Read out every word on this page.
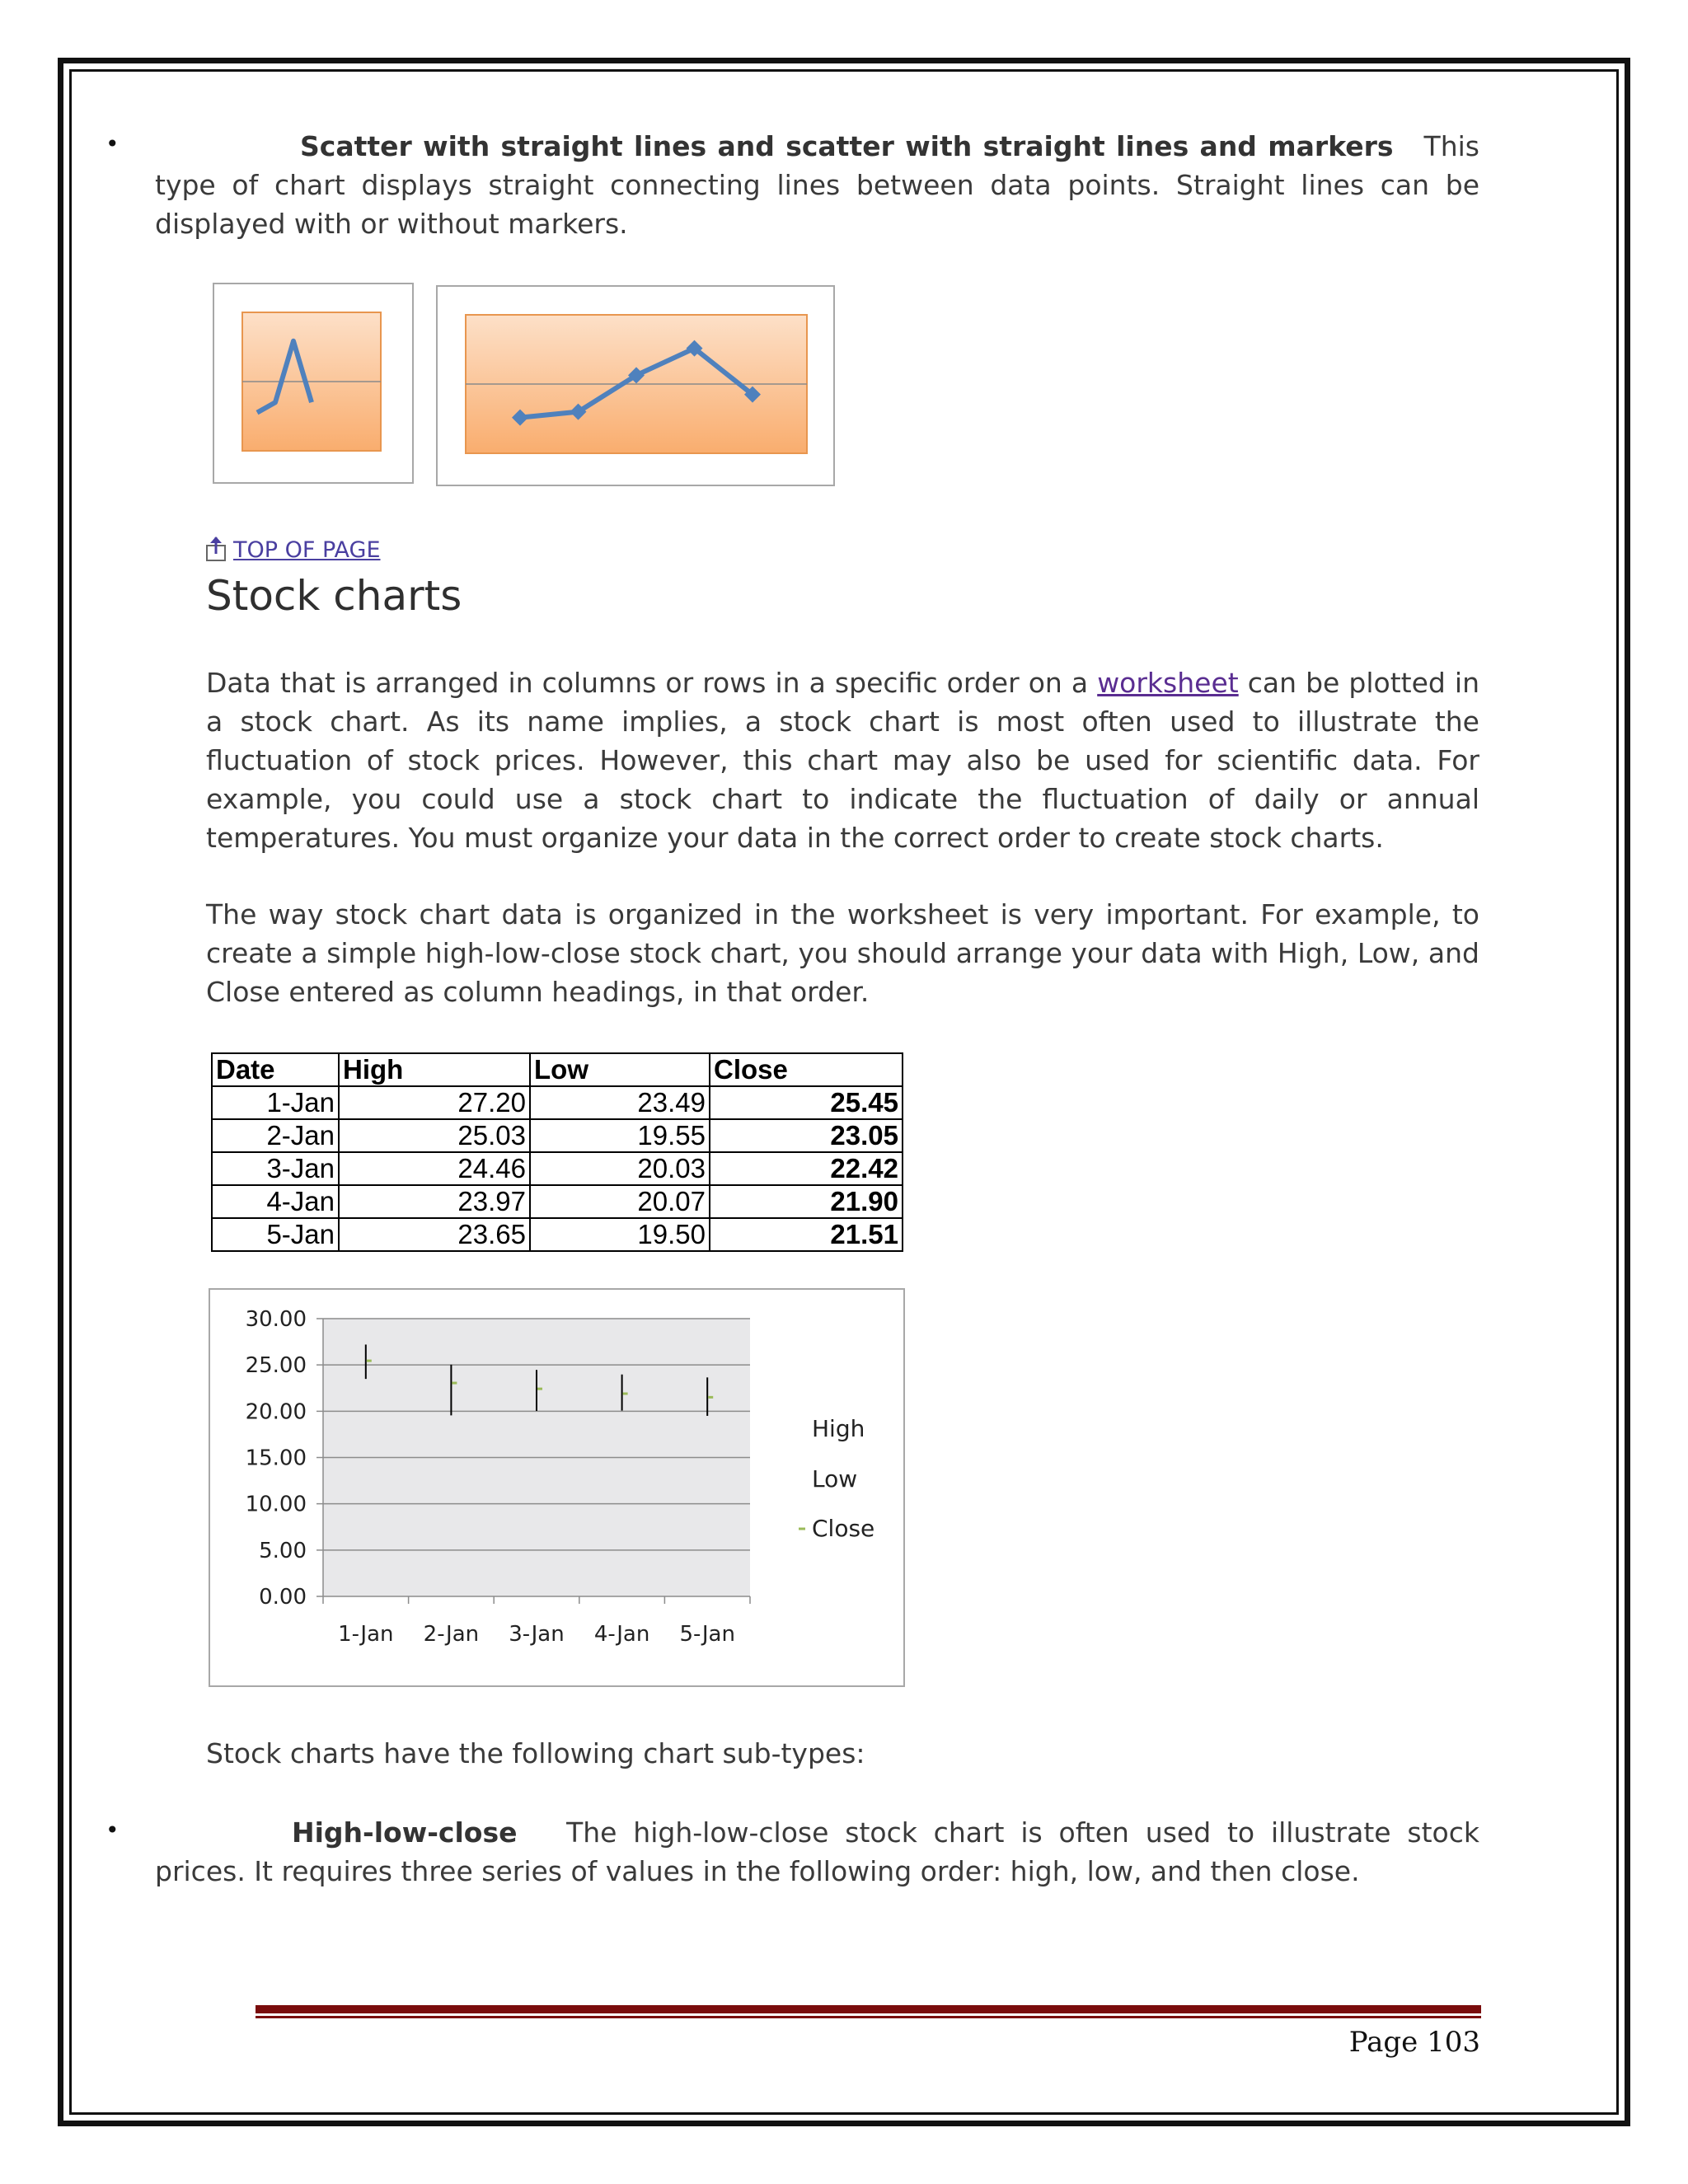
•	Scatter with straight lines and scatter with straight lines and markers This type of chart displays straight connecting lines between data points. Straight lines can be displayed with or without markers.
TOP OF PAGE
Stock charts
Data that is arranged in columns or rows in a specific order on a worksheet can be plotted in a stock chart. As its name implies, a stock chart is most often used to illustrate the fluctuation of stock prices. However, this chart may also be used for scientific data. For example, you could use a stock chart to indicate the fluctuation of daily or annual temperatures. You must organize your data in the correct order to create stock charts.
The way stock chart data is organized in the worksheet is very important. For example, to create a simple high-low-close stock chart, you should arrange your data with High, Low, and Close entered as column headings, in that order.
Date	High	Low	Close
1-Jan	27.20	23.49	25.45
2-Jan	25.03	19.55	23.05
3-Jan	24.46	20.03	22.42
4-Jan	23.97	20.07	21.90
5-Jan	23.65	19.50	21.51
0.00
5.00
10.00
15.00
20.00
25.00
30.00
1-Jan 2-Jan 3-Jan 4-Jan 5-Jan
High
Low
Close
Stock charts have the following chart sub-types:
•	High-low-close The high-low-close stock chart is often used to illustrate stock prices. It requires three series of values in the following order: high, low, and then close.
Page 103
